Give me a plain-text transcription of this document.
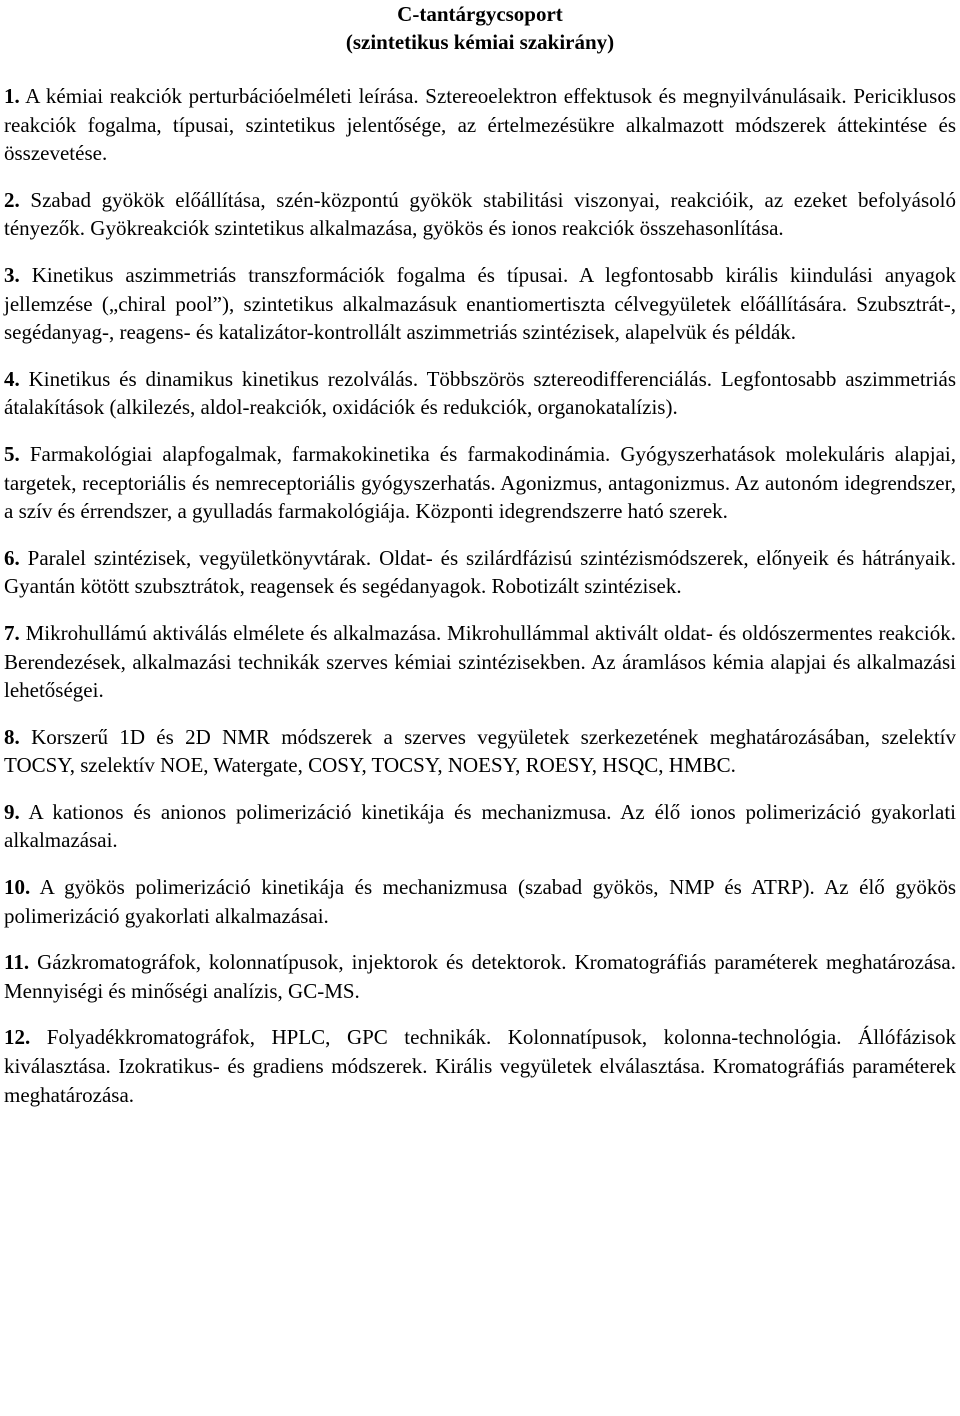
C-tantárgycsoport
(szintetikus kémiai szakirány)

1. A kémiai reakciók perturbációelméleti leírása. Sztereoelektron effektusok és megnyilvánulásaik. Periciklusos reakciók fogalma, típusai, szintetikus jelentősége, az értelmezésükre alkalmazott módszerek áttekintése és összevetése.

2. Szabad gyökök előállítása, szén-központú gyökök stabilitási viszonyai, reakcióik, az ezeket befolyásoló tényezők. Gyökreakciók szintetikus alkalmazása, gyökös és ionos reakciók összehasonlítása.

3. Kinetikus aszimmetriás transzformációk fogalma és típusai. A legfontosabb királis kiindulási anyagok jellemzése („chiral pool”), szintetikus alkalmazásuk enantiomertiszta célvegyületek előállítására. Szubsztrát-, segédanyag-, reagens- és katalizátor-kontrollált aszimmetriás szintézisek, alapelvük és példák.

4. Kinetikus és dinamikus kinetikus rezolválás. Többszörös sztereodifferenciálás. Legfontosabb aszimmetriás átalakítások (alkilezés, aldol-reakciók, oxidációk és redukciók, organokatalízis).

5. Farmakológiai alapfogalmak, farmakokinetika és farmakodinámia. Gyógyszerhatások molekuláris alapjai, targetek, receptoriális és nemreceptoriális gyógyszerhatás. Agonizmus, antagonizmus. Az autonóm idegrendszer, a szív és érrendszer, a gyulladás farmakológiája. Központi idegrendszerre ható szerek.

6. Paralel szintézisek, vegyületkönyvtárak. Oldat- és szilárdfázisú szintézismódszerek, előnyeik és hátrányaik. Gyantán kötött szubsztrátok, reagensek és segédanyagok. Robotizált szintézisek.

7. Mikrohullámú aktiválás elmélete és alkalmazása. Mikrohullámmal aktivált oldat- és oldószermentes reakciók. Berendezések, alkalmazási technikák szerves kémiai szintézisekben. Az áramlásos kémia alapjai és alkalmazási lehetőségei.

8. Korszerű 1D és 2D NMR módszerek a szerves vegyületek szerkezetének meghatározásában, szelektív TOCSY, szelektív NOE, Watergate, COSY, TOCSY, NOESY, ROESY, HSQC, HMBC.

9. A kationos és anionos polimerizáció kinetikája és mechanizmusa. Az élő ionos polimerizáció gyakorlati alkalmazásai.

10. A gyökös polimerizáció kinetikája és mechanizmusa (szabad gyökös, NMP és ATRP). Az élő gyökös polimerizáció gyakorlati alkalmazásai.

11. Gázkromatográfok, kolonnatípusok, injektorok és detektorok. Kromatográfiás paraméterek meghatározása. Mennyiségi és minőségi analízis, GC-MS.

12. Folyadékkromatográfok, HPLC, GPC technikák. Kolonnatípusok, kolonna-technológia. Állófázisok kiválasztása. Izokratikus- és gradiens módszerek. Királis vegyületek elválasztása. Kromatográfiás paraméterek meghatározása.
